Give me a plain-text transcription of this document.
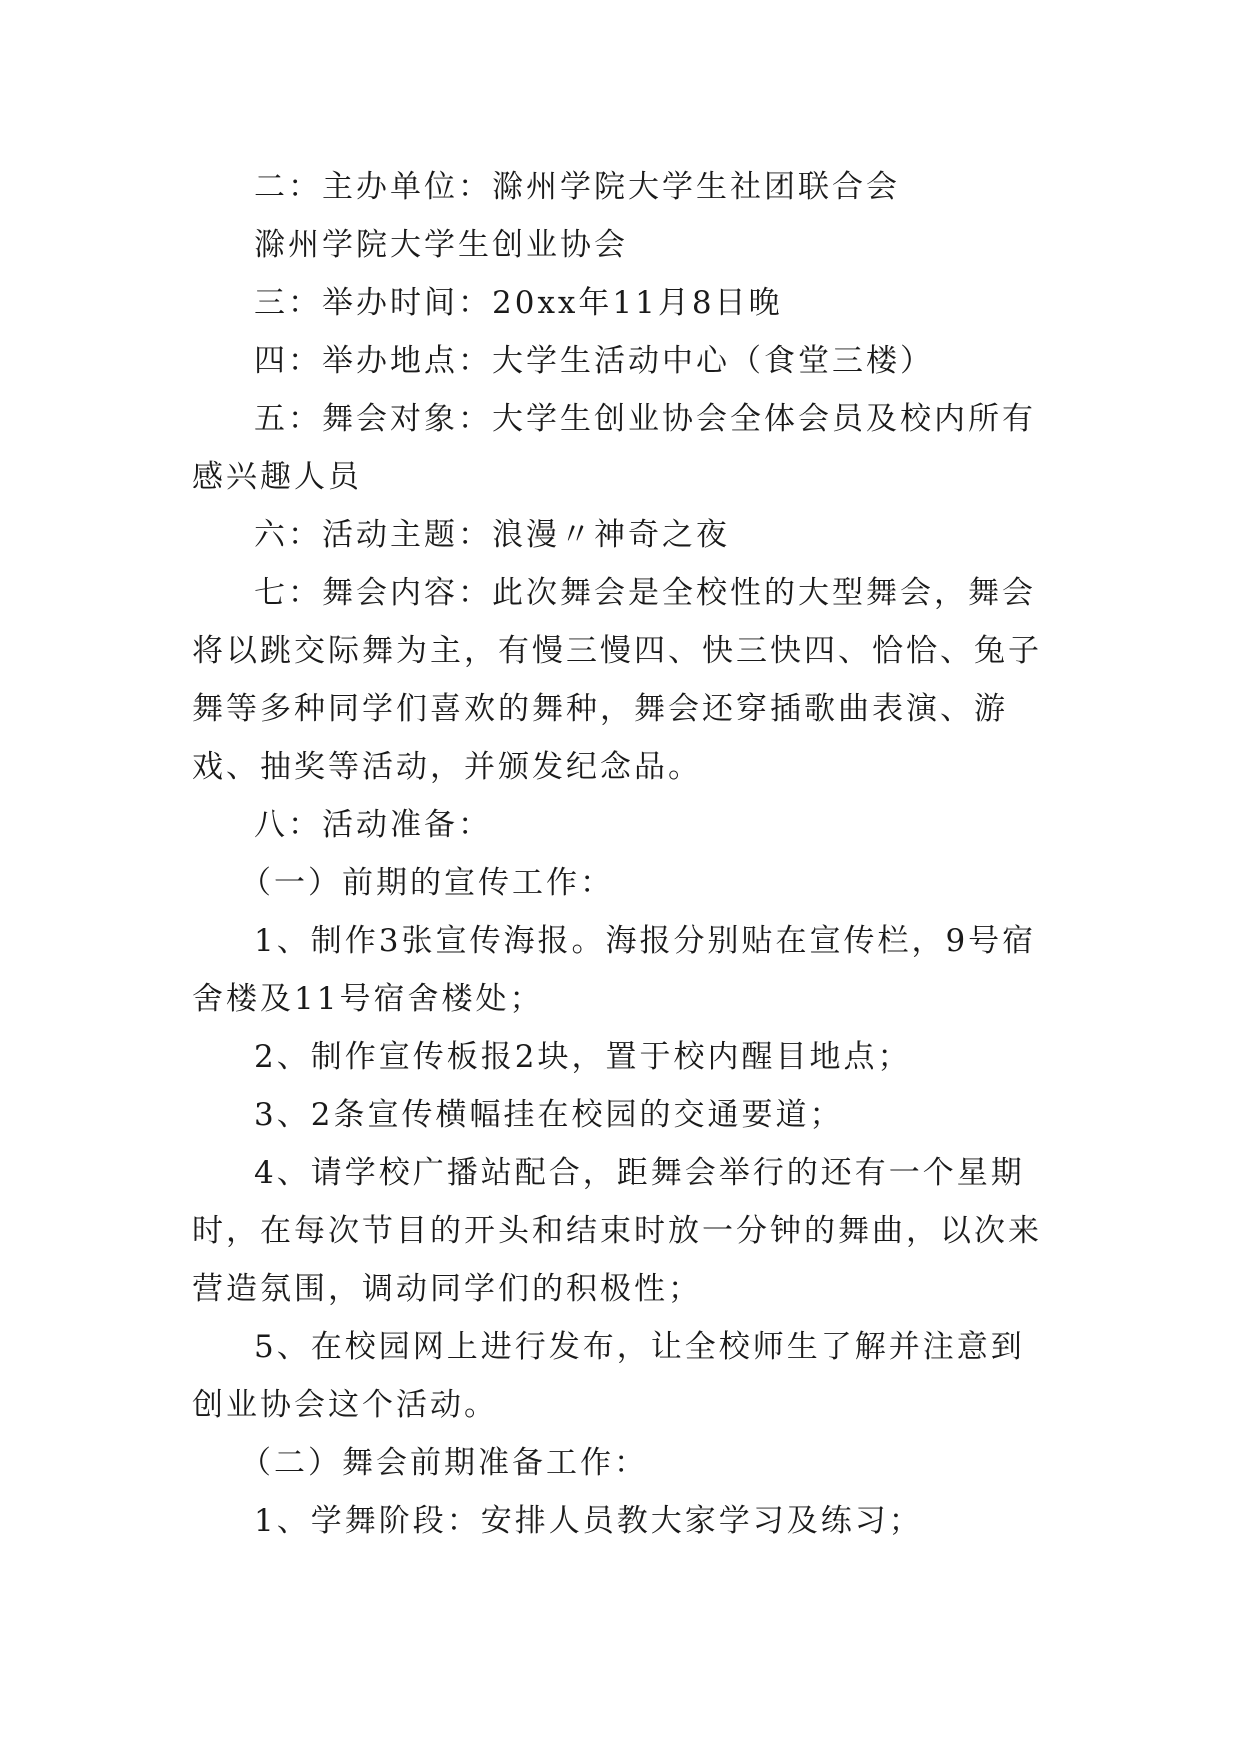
二：主办单位：滁州学院大学生社团联合会

滁州学院大学生创业协会

三：举办时间：20xx年11月8日晚

四：举办地点：大学生活动中心（食堂三楼）

五：舞会对象：大学生创业协会全体会员及校内所有感兴趣人员

六：活动主题：浪漫〃神奇之夜

七：舞会内容：此次舞会是全校性的大型舞会，舞会将以跳交际舞为主，有慢三慢四、快三快四、恰恰、兔子舞等多种同学们喜欢的舞种，舞会还穿插歌曲表演、游戏、抽奖等活动，并颁发纪念品。

八：活动准备：

（一）前期的宣传工作：

1、制作3张宣传海报。海报分别贴在宣传栏，9号宿舍楼及11号宿舍楼处；

2、制作宣传板报2块，置于校内醒目地点；

3、2条宣传横幅挂在校园的交通要道；

4、请学校广播站配合，距舞会举行的还有一个星期时，在每次节目的开头和结束时放一分钟的舞曲，以次来营造氛围，调动同学们的积极性；

5、在校园网上进行发布，让全校师生了解并注意到创业协会这个活动。

（二）舞会前期准备工作：

1、学舞阶段：安排人员教大家学习及练习；
